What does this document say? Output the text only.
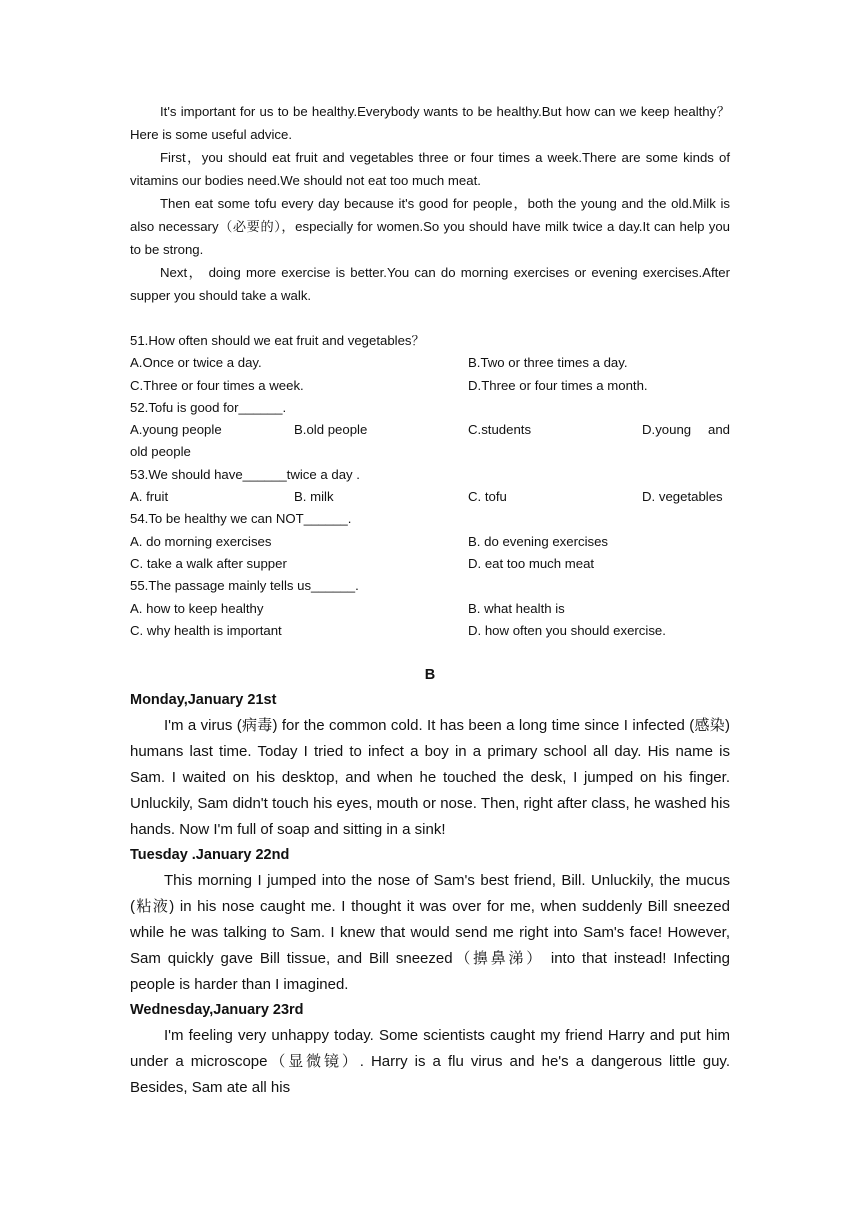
It's important for us to be healthy.Everybody wants to be healthy.But how can we keep healthy？Here is some useful advice.

First，you should eat fruit and vegetables three or four times a week.There are some kinds of vitamins our bodies need.We should not eat too much meat.

Then eat some tofu every day because it's good for people，both the young and the old.Milk is also necessary（必要的），especially for women.So you should have milk twice a day.It can help you to be strong.

Next， doing more exercise is better.You can do morning exercises or evening exercises.After supper you should take a walk.

51.How often should we eat fruit and vegetables？

A.Once or twice a day.	B.Two or three times a day.
C.Three or four times a week.	D.Three or four times a month.

52.Tofu is good for______.

A.young people	B.old people	C.students	D.young and

old people

53.We should have______twice a day .

A. fruit	B. milk	C. tofu	D. vegetables

54.To be healthy we can NOT______.

A. do morning exercises	B. do evening exercises
C. take a walk after supper	D. eat too much meat

55.The passage mainly tells us______.

A. how to keep healthy	B. what health is
C. why health is important	D. how often you should exercise.
B

Monday,January 21st

I'm a virus (病毒) for the common cold. It has been a long time since I infected (感染) humans last time. Today I tried to infect a boy in a primary school all day. His name is Sam. I waited on his desktop, and when he touched the desk, I jumped on his finger. Unluckily, Sam didn't touch his eyes, mouth or nose. Then, right after class, he washed his hands. Now I'm full of soap and sitting in a sink!

Tuesday .January 22nd

This morning I jumped into the nose of Sam's best friend, Bill. Unluckily, the mucus (粘液) in his nose caught me. I thought it was over for me, when suddenly Bill sneezed while he was talking to Sam. I knew that would send me right into Sam's face! However, Sam quickly gave Bill tissue, and Bill sneezed（擤鼻涕） into that instead! Infecting people is harder than I imagined.

Wednesday,January 23rd

I'm feeling very unhappy today. Some scientists caught my friend Harry and put him under a microscope（显微镜）. Harry is a flu virus and he's a dangerous little guy. Besides, Sam ate all his
